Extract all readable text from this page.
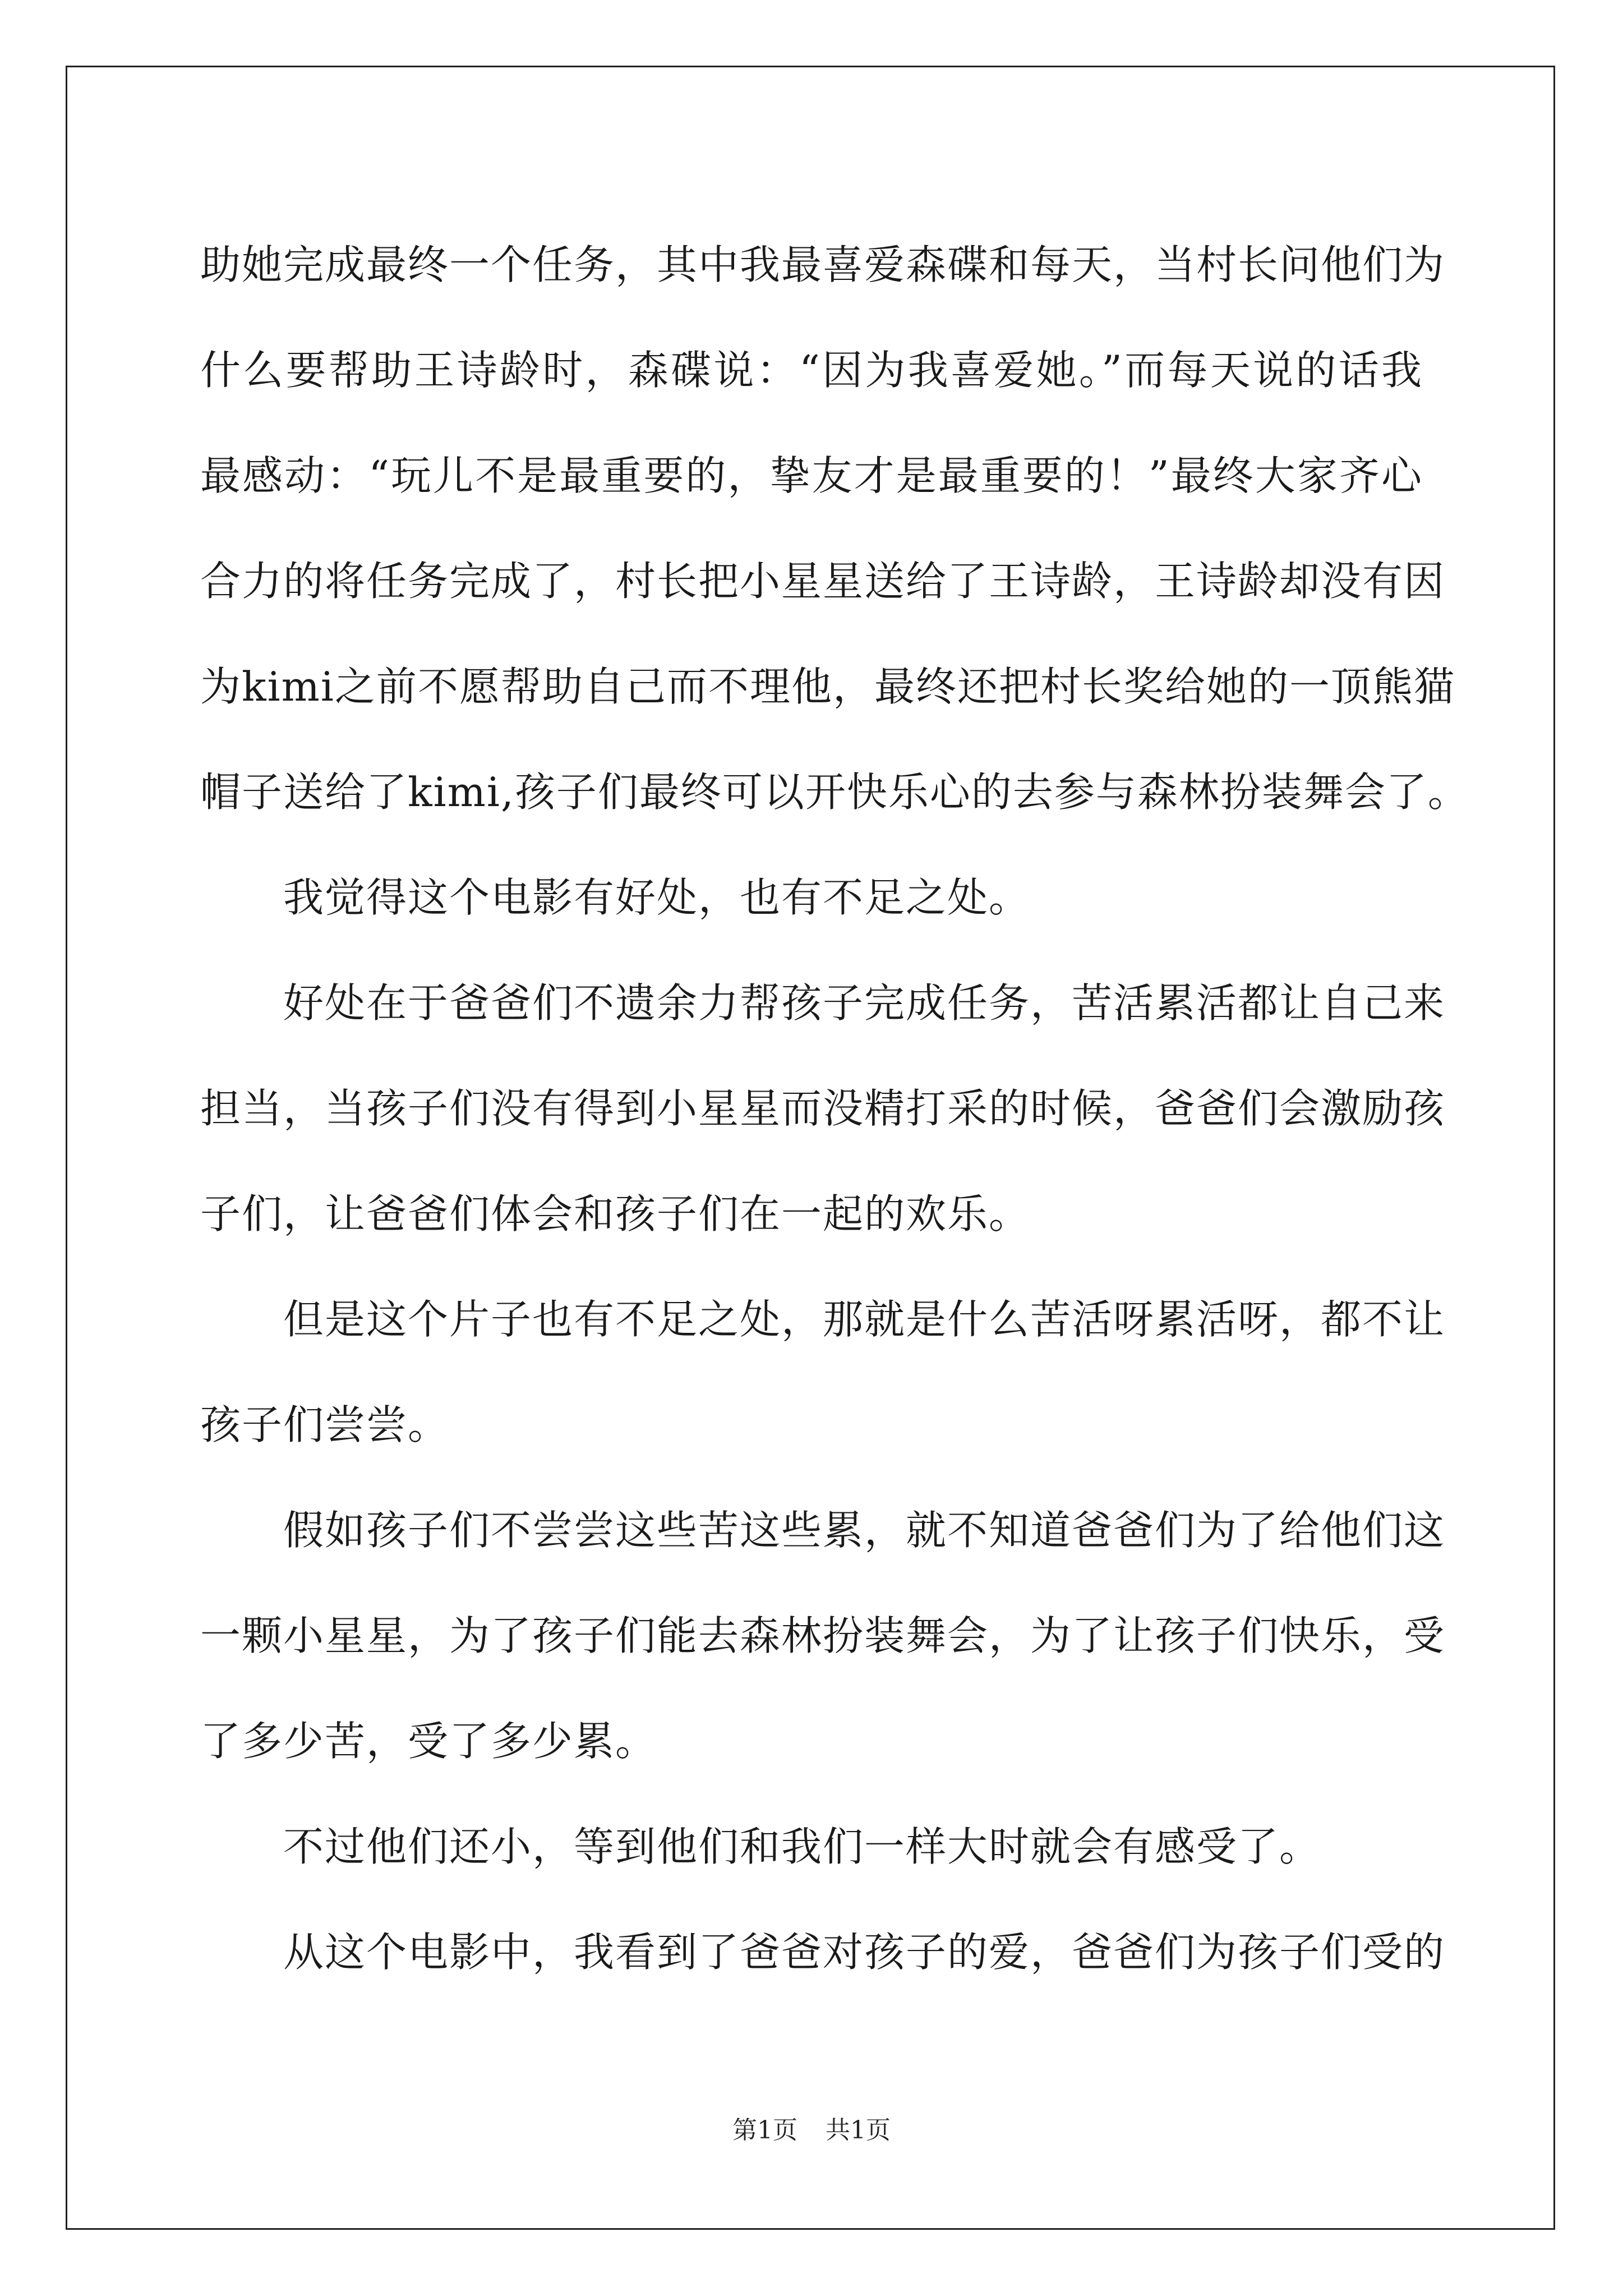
助她完成最终一个任务，其中我最喜爱森碟和每天，当村长问他们为
什么要帮助王诗龄时，森碟说：“因为我喜爱她。”而每天说的话我
最感动：“玩儿不是最重要的，挚友才是最重要的！”最终大家齐心
合力的将任务完成了，村长把小星星送给了王诗龄，王诗龄却没有因
为kimi之前不愿帮助自己而不理他，最终还把村长奖给她的一顶熊猫
帽子送给了kimi,孩子们最终可以开快乐心的去参与森林扮装舞会了。
我觉得这个电影有好处，也有不足之处。
好处在于爸爸们不遗余力帮孩子完成任务，苦活累活都让自己来
担当，当孩子们没有得到小星星而没精打采的时候，爸爸们会激励孩
子们，让爸爸们体会和孩子们在一起的欢乐。
但是这个片子也有不足之处，那就是什么苦活呀累活呀，都不让
孩子们尝尝。
假如孩子们不尝尝这些苦这些累，就不知道爸爸们为了给他们这
一颗小星星，为了孩子们能去森林扮装舞会，为了让孩子们快乐，受
了多少苦，受了多少累。
不过他们还小，等到他们和我们一样大时就会有感受了。
从这个电影中，我看到了爸爸对孩子的爱，爸爸们为孩子们受的
第1页 共1页
